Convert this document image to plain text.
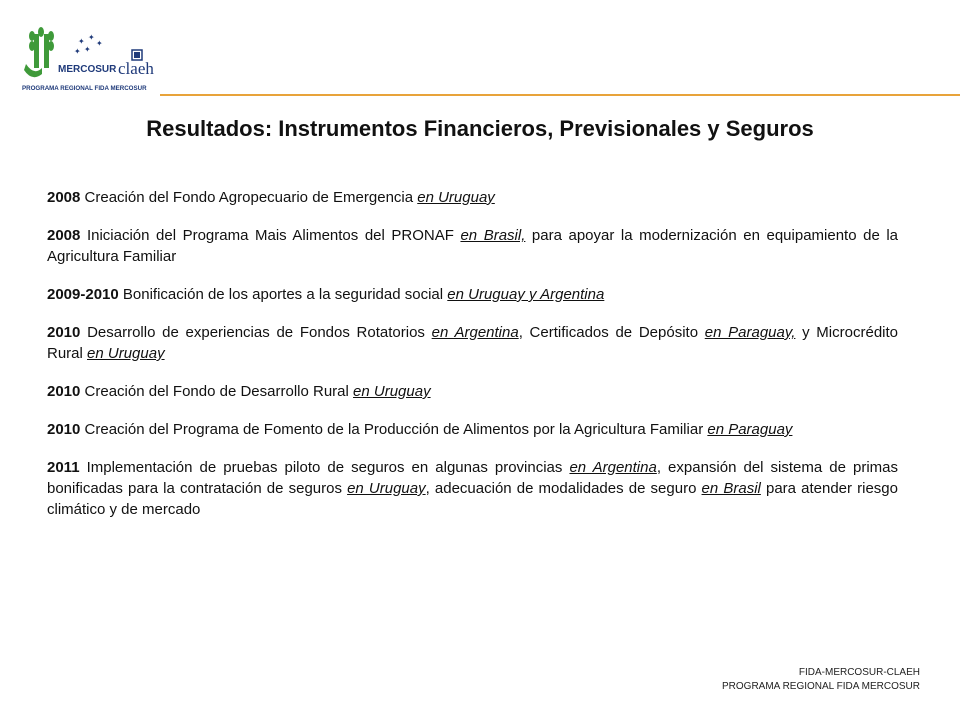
✦ ✦
✦
✦
✦
MERCOSUR claeh
PROGRAMA REGIONAL FIDA MERCOSUR
Resultados: Instrumentos Financieros, Previsionales y Seguros

2008 Creación del Fondo Agropecuario de Emergencia en Uruguay

2008 Iniciación del Programa Mais Alimentos del PRONAF en Brasil, para apoyar la modernización en equipamiento de la Agricultura Familiar

2009-2010 Bonificación de los aportes a la seguridad social en Uruguay y Argentina

2010 Desarrollo de experiencias de Fondos Rotatorios en Argentina, Certificados de Depósito en Paraguay, y Microcrédito Rural en Uruguay

2010 Creación del Fondo de Desarrollo Rural en Uruguay

2010 Creación del Programa de Fomento de la Producción de Alimentos por la Agricultura Familiar en Paraguay

2011 Implementación de pruebas piloto de seguros en algunas provincias en Argentina, expansión del sistema de primas bonificadas para la contratación de seguros en Uruguay, adecuación de modalidades de seguro en Brasil para atender riesgo climático y de mercado

FIDA-MERCOSUR-CLAEH
PROGRAMA REGIONAL FIDA MERCOSUR
